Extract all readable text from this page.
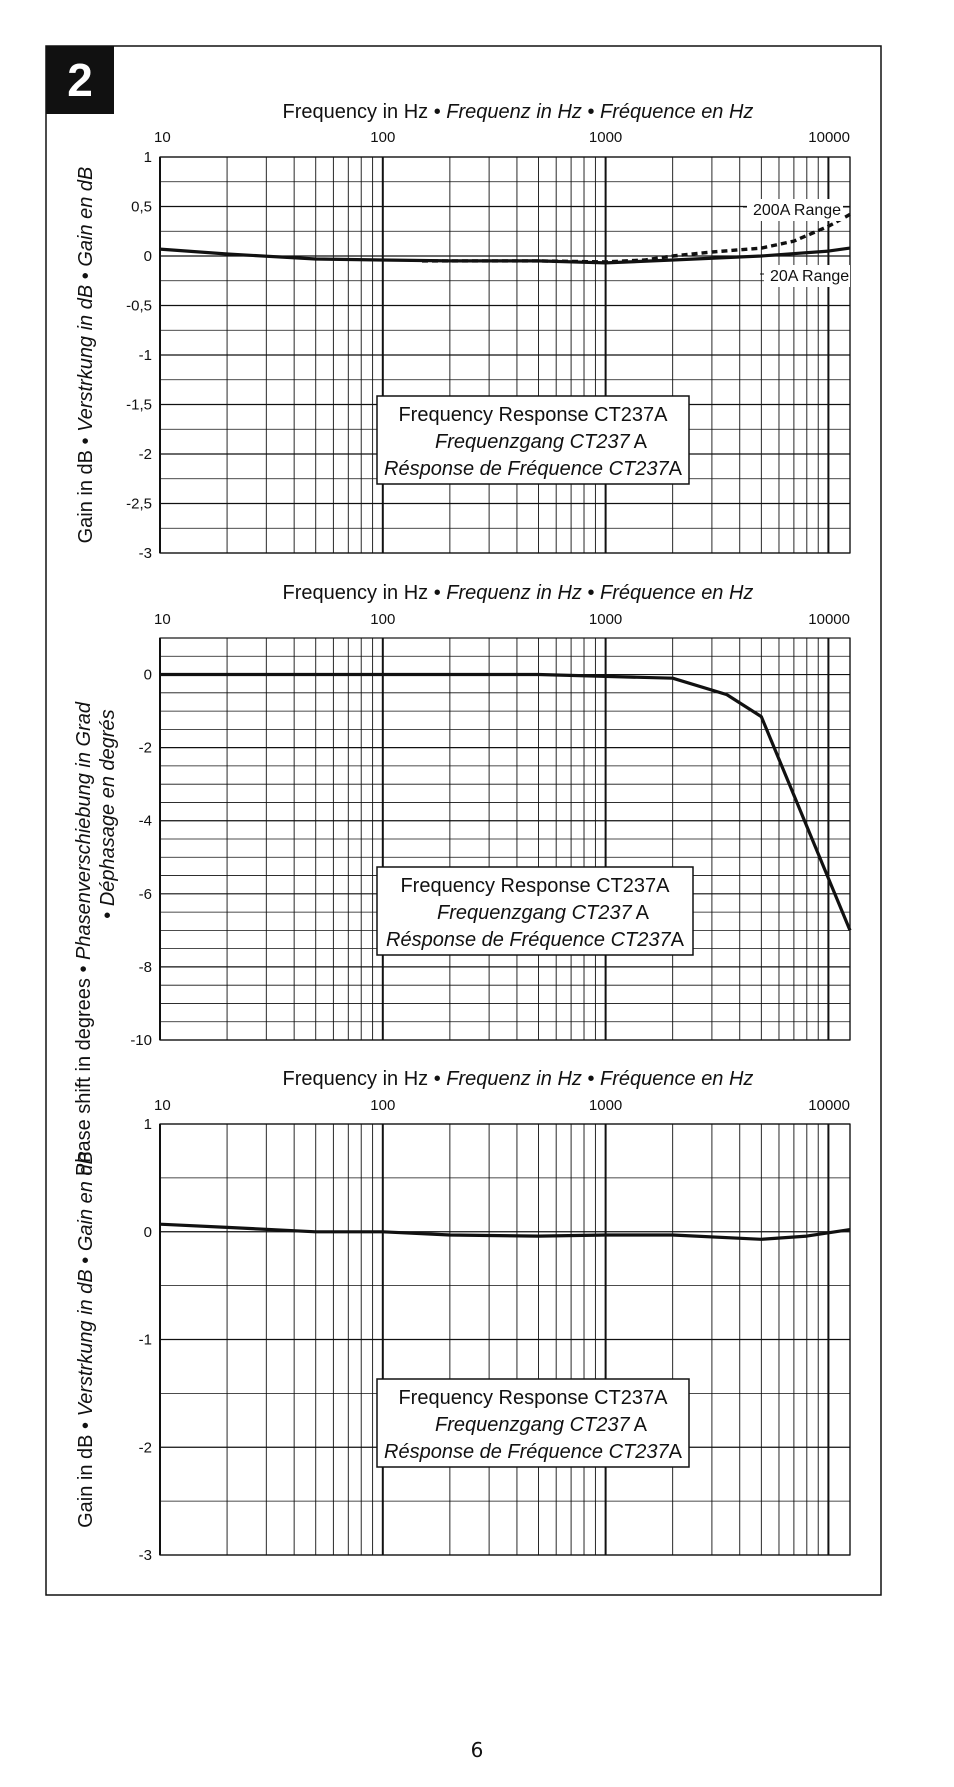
2
1
0,5
0
-0,5
-1
-1,5
-2
-2,5
-3
10	100	1000	10000
Frequency in Hz • Frequenz in Hz • Fréquence en Hz
Gain in dB • Verstrkung in dB • Gain en dB	200A Range
20A Range
Frequency Response CT237A
Frequenzgang CT237 A
Résponse de Fréquence CT237A
0
-2
-4
-6
-8
-10
10	100	1000	10000
Frequency in Hz • Frequenz in Hz • Fréquence en Hz
Phase shift in degrees • Phasenverschiebung in Grad • Déphasage en degrés	Frequency Response CT237A
Frequenzgang CT237 A
Résponse de Fréquence CT237A
1
0
-1
-2
-3
10	100	1000	10000
Frequency in Hz • Frequenz in Hz • Fréquence en Hz
Gain in dB • Verstrkung in dB • Gain en dB
Frequency Response CT237A
Frequenzgang CT237 A
Résponse de Fréquence CT237A
6
